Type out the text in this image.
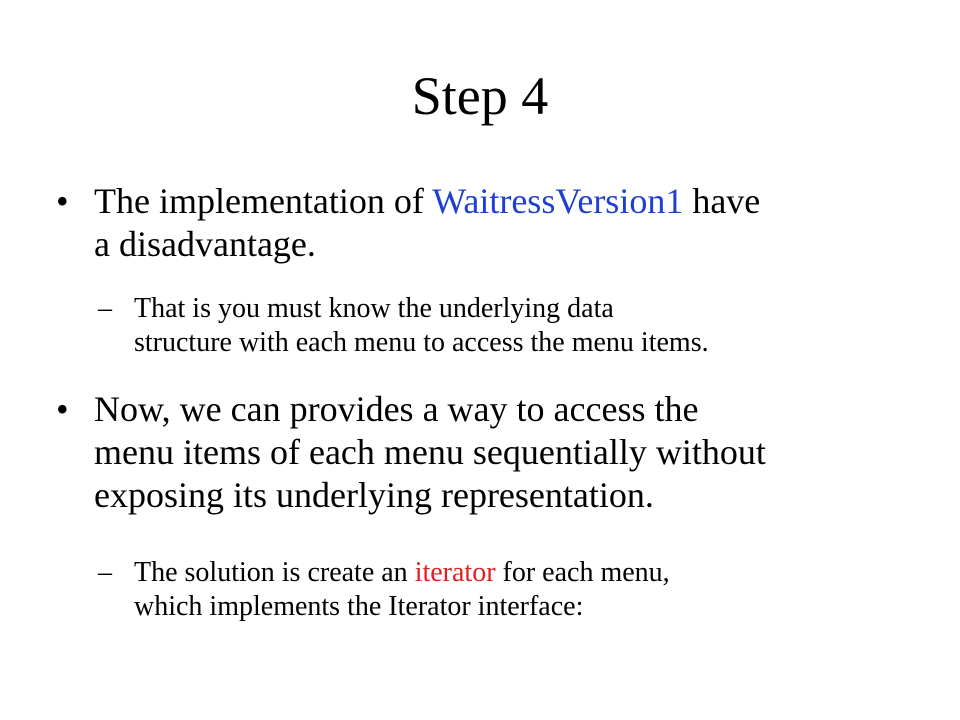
Step 4
• The implementation of WaitressVersion1 have
a disadvantage.
– That is you must know the underlying data
structure with each menu to access the menu items.
• Now, we can provides a way to access the
menu items of each menu sequentially without
exposing its underlying representation.
– The solution is create an iterator for each menu,
which implements the Iterator interface:
